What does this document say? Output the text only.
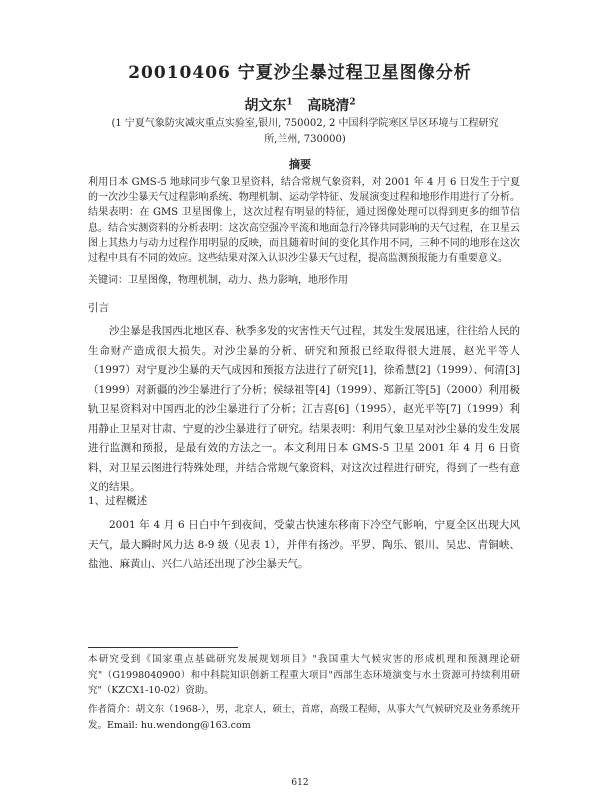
20010406 宁夏沙尘暴过程卫星图像分析
胡文东$^1$ 高晓清$^2$
(1 宁夏气象防灾减灾重点实验室,银川, 750002, 2 中国科学院寒区旱区环境与工程研究所,兰州, 730000)
摘要

利用日本 GMS-5 地球同步气象卫星资料，结合常规气象资料，对 2001 年 4 月 6 日发生于宁夏的一次沙尘暴天气过程影响系统、物理机制、运动学特征、发展演变过程和地形作用进行了分析。结果表明：在 GMS 卫星图像上，这次过程有明显的特征，通过图像处理可以得到更多的细节信息。结合实测资料的分析表明：这次高空强冷平流和地面急行冷锋共同影响的天气过程，在卫星云图上其热力与动力过程作用明显的反映，而且随着时间的变化其作用不同，三种不同的地形在这次过程中具有不同的效应。这些结果对深入认识沙尘暴天气过程，提高监测预报能力有重要意义。

关键词：卫星图像，物理机制，动力、热力影响，地形作用

引言

沙尘暴是我国西北地区春、秋季多发的灾害性天气过程，其发生发展迅速，往往给人民的生命财产造成很大损失。对沙尘暴的分析、研究和预报已经取得很大进展，赵光平等人（1997）对宁夏沙尘暴的天气成因和预报方法进行了研究[1]，徐希慧[2]（1999）、何清[3]（1999）对新疆的沙尘暴进行了分析；侯绿祖等[4]（1999）、郑新江等[5]（2000）利用极轨卫星资料对中国西北的沙尘暴进行了分析；江吉喜[6]（1995），赵光平等[7]（1999）利用静止卫星对甘肃、宁夏的沙尘暴进行了研究。结果表明：利用气象卫星对沙尘暴的发生发展进行监测和预报，是最有效的方法之一。本文利用日本 GMS-5 卫星 2001 年 4 月 6 日资料，对卫星云图进行特殊处理，并结合常规气象资料，对这次过程进行研究，得到了一些有意义的结果。

1、过程概述

2001 年 4 月 6 日白中午到夜间，受蒙古快速东移南下冷空气影响，宁夏全区出现大风天气，最大瞬时风力达 8-9 级（见表 1），并伴有扬沙。平罗、陶乐、银川、吴忠、青铜峡、盐池、麻黄山、兴仁八站还出现了沙尘暴天气。

本研究受到《国家重点基础研究发展规划项目》"我国重大气候灾害的形成机理和预测理论研究"（G1998040900）和中科院知识创新工程重大项目"西部生态环境演变与水土资源可持续利用研究"（KZCX1-10-02）资助。

作者简介：胡文东（1968-），男，北京人，硕士，首席，高级工程师，从事大气气候研究及业务系统开发。Email: hu.wendong@163.com

612
